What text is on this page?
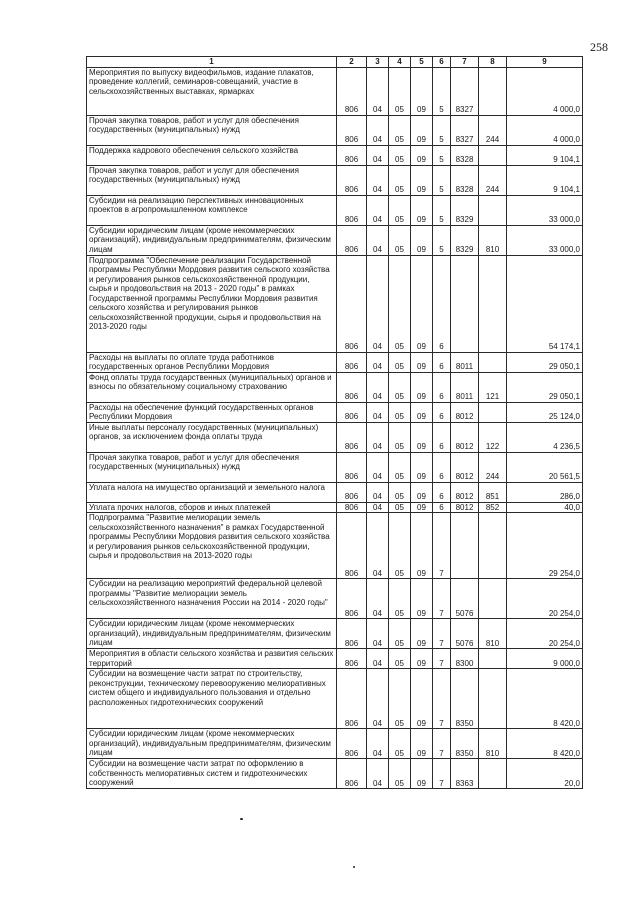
258
1	2	3	4	5	6	7	8	9	
Мероприятия по выпуску видеофильмов, издание плакатов, проведение коллегий, семинаров-совещаний, участие в сельскохозяйственных выставках, ярмарках	806	04	05	09	5	8327		4 000,0	
Прочая закупка товаров, работ и услуг для обеспечения государственных (муниципальных) нужд	806	04	05	09	5	8327	244	4 000,0	
Поддержка кадрового обеспечения сельского хозяйства	806	04	05	09	5	8328		9 104,1	
Прочая закупка товаров, работ и услуг для обеспечения государственных (муниципальных) нужд	806	04	05	09	5	8328	244	9 104,1	
Субсидии на реализацию перспективных инновационных проектов в агропромышленном комплексе	806	04	05	09	5	8329		33 000,0	
Субсидии юридическим лицам (кроме некоммерческих организаций), индивидуальным предпринимателям, физическим лицам	806	04	05	09	5	8329	810	33 000,0	
Подпрограмма "Обеспечение реализации Государственной программы Республики Мордовия развития сельского хозяйства и регулирования рынков сельскохозяйственной продукции, сырья и продовольствия на 2013 - 2020 годы" в рамках Государственной программы Республики Мордовия развития сельского хозяйства и регулирования рынков сельскохозяйственной продукции, сырья и продовольствия на 2013-2020 годы	806	04	05	09	6			54 174,1	
Расходы на выплаты по оплате труда работников государственных органов Республики Мордовия	806	04	05	09	6	8011		29 050,1	
Фонд оплаты труда государственных (муниципальных) органов и взносы по обязательному социальному страхованию	806	04	05	09	6	8011	121	29 050,1	
Расходы на обеспечение функций государственных органов Республики Мордовия	806	04	05	09	6	8012		25 124,0	
Иные выплаты персоналу государственных (муниципальных) органов, за исключением фонда оплаты труда	806	04	05	09	6	8012	122	4 236,5	
Прочая закупка товаров, работ и услуг для обеспечения государственных (муниципальных) нужд	806	04	05	09	6	8012	244	20 561,5	
Уплата налога на имущество организаций и земельного налога	806	04	05	09	6	8012	851	286,0	
Уплата прочих налогов, сборов и иных платежей	806	04	05	09	6	8012	852	40,0	
Подпрограмма "Развитие мелиорации земель сельскохозяйственного назначения" в рамках Государственной программы Республики Мордовия развития сельского хозяйства и регулирования рынков сельскохозяйственной продукции, сырья и продовольствия на 2013-2020 годы	806	04	05	09	7			29 254,0	
Субсидии на реализацию мероприятий федеральной целевой программы "Развитие мелиорации земель сельскохозяйственного назначения России на 2014 - 2020 годы"	806	04	05	09	7	5076		20 254,0	
Субсидии юридическим лицам (кроме некоммерческих организаций), индивидуальным предпринимателям, физическим лицам	806	04	05	09	7	5076	810	20 254,0	
Мероприятия в области сельского хозяйства и развития сельских территорий	806	04	05	09	7	8300		9 000,0	
Субсидии на возмещение части затрат по строительству, реконструкции, техническому перевооружению мелиоративных систем общего и индивидуального пользования и отдельно расположенных гидротехнических сооружений	806	04	05	09	7	8350		8 420,0	
Субсидии юридическим лицам (кроме некоммерческих организаций), индивидуальным предпринимателям, физическим лицам	806	04	05	09	7	8350	810	8 420,0	
Субсидии на возмещение части затрат по оформлению в собственность мелиоративных систем и гидротехнических сооружений	806	04	05	09	7	8363		20,0	
